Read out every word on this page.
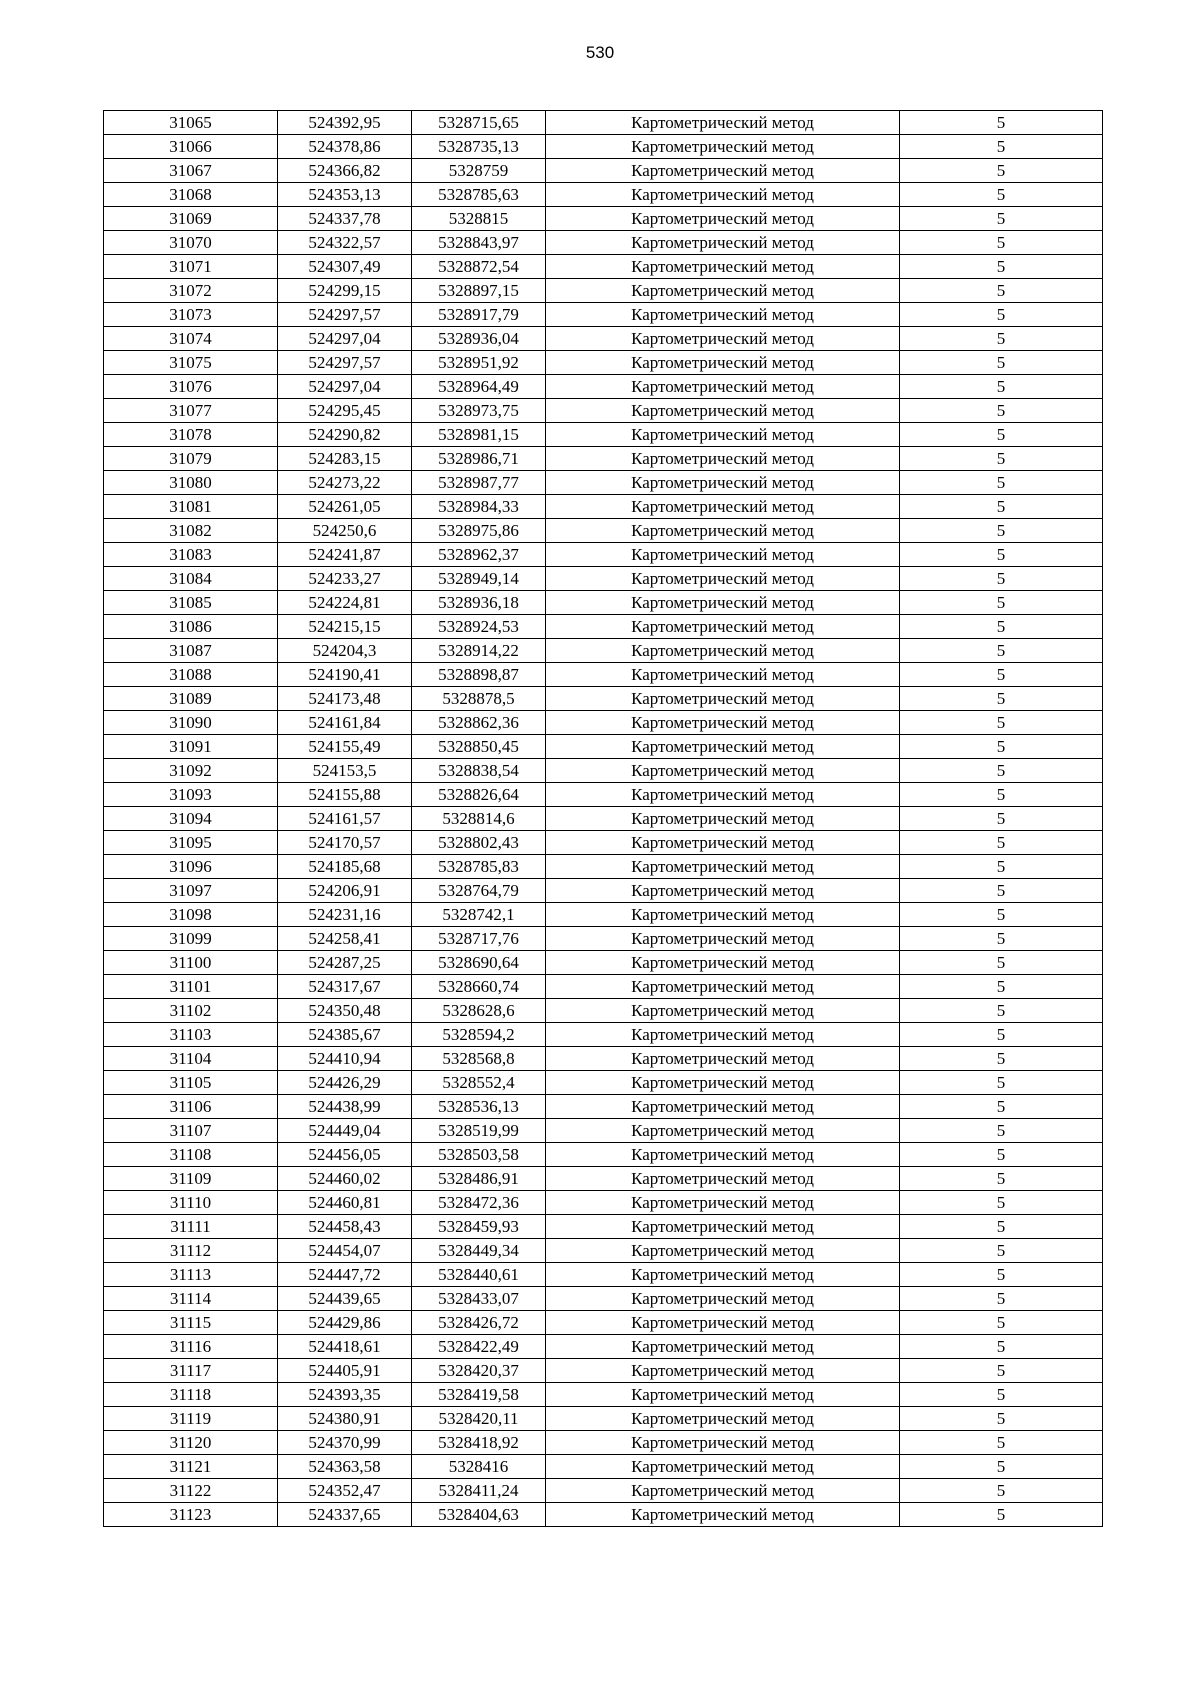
530
31065	524392,95	5328715,65	Картометрический метод	5
31066	524378,86	5328735,13	Картометрический метод	5
31067	524366,82	5328759	Картометрический метод	5
31068	524353,13	5328785,63	Картометрический метод	5
31069	524337,78	5328815	Картометрический метод	5
31070	524322,57	5328843,97	Картометрический метод	5
31071	524307,49	5328872,54	Картометрический метод	5
31072	524299,15	5328897,15	Картометрический метод	5
31073	524297,57	5328917,79	Картометрический метод	5
31074	524297,04	5328936,04	Картометрический метод	5
31075	524297,57	5328951,92	Картометрический метод	5
31076	524297,04	5328964,49	Картометрический метод	5
31077	524295,45	5328973,75	Картометрический метод	5
31078	524290,82	5328981,15	Картометрический метод	5
31079	524283,15	5328986,71	Картометрический метод	5
31080	524273,22	5328987,77	Картометрический метод	5
31081	524261,05	5328984,33	Картометрический метод	5
31082	524250,6	5328975,86	Картометрический метод	5
31083	524241,87	5328962,37	Картометрический метод	5
31084	524233,27	5328949,14	Картометрический метод	5
31085	524224,81	5328936,18	Картометрический метод	5
31086	524215,15	5328924,53	Картометрический метод	5
31087	524204,3	5328914,22	Картометрический метод	5
31088	524190,41	5328898,87	Картометрический метод	5
31089	524173,48	5328878,5	Картометрический метод	5
31090	524161,84	5328862,36	Картометрический метод	5
31091	524155,49	5328850,45	Картометрический метод	5
31092	524153,5	5328838,54	Картометрический метод	5
31093	524155,88	5328826,64	Картометрический метод	5
31094	524161,57	5328814,6	Картометрический метод	5
31095	524170,57	5328802,43	Картометрический метод	5
31096	524185,68	5328785,83	Картометрический метод	5
31097	524206,91	5328764,79	Картометрический метод	5
31098	524231,16	5328742,1	Картометрический метод	5
31099	524258,41	5328717,76	Картометрический метод	5
31100	524287,25	5328690,64	Картометрический метод	5
31101	524317,67	5328660,74	Картометрический метод	5
31102	524350,48	5328628,6	Картометрический метод	5
31103	524385,67	5328594,2	Картометрический метод	5
31104	524410,94	5328568,8	Картометрический метод	5
31105	524426,29	5328552,4	Картометрический метод	5
31106	524438,99	5328536,13	Картометрический метод	5
31107	524449,04	5328519,99	Картометрический метод	5
31108	524456,05	5328503,58	Картометрический метод	5
31109	524460,02	5328486,91	Картометрический метод	5
31110	524460,81	5328472,36	Картометрический метод	5
31111	524458,43	5328459,93	Картометрический метод	5
31112	524454,07	5328449,34	Картометрический метод	5
31113	524447,72	5328440,61	Картометрический метод	5
31114	524439,65	5328433,07	Картометрический метод	5
31115	524429,86	5328426,72	Картометрический метод	5
31116	524418,61	5328422,49	Картометрический метод	5
31117	524405,91	5328420,37	Картометрический метод	5
31118	524393,35	5328419,58	Картометрический метод	5
31119	524380,91	5328420,11	Картометрический метод	5
31120	524370,99	5328418,92	Картометрический метод	5
31121	524363,58	5328416	Картометрический метод	5
31122	524352,47	5328411,24	Картометрический метод	5
31123	524337,65	5328404,63	Картометрический метод	5
